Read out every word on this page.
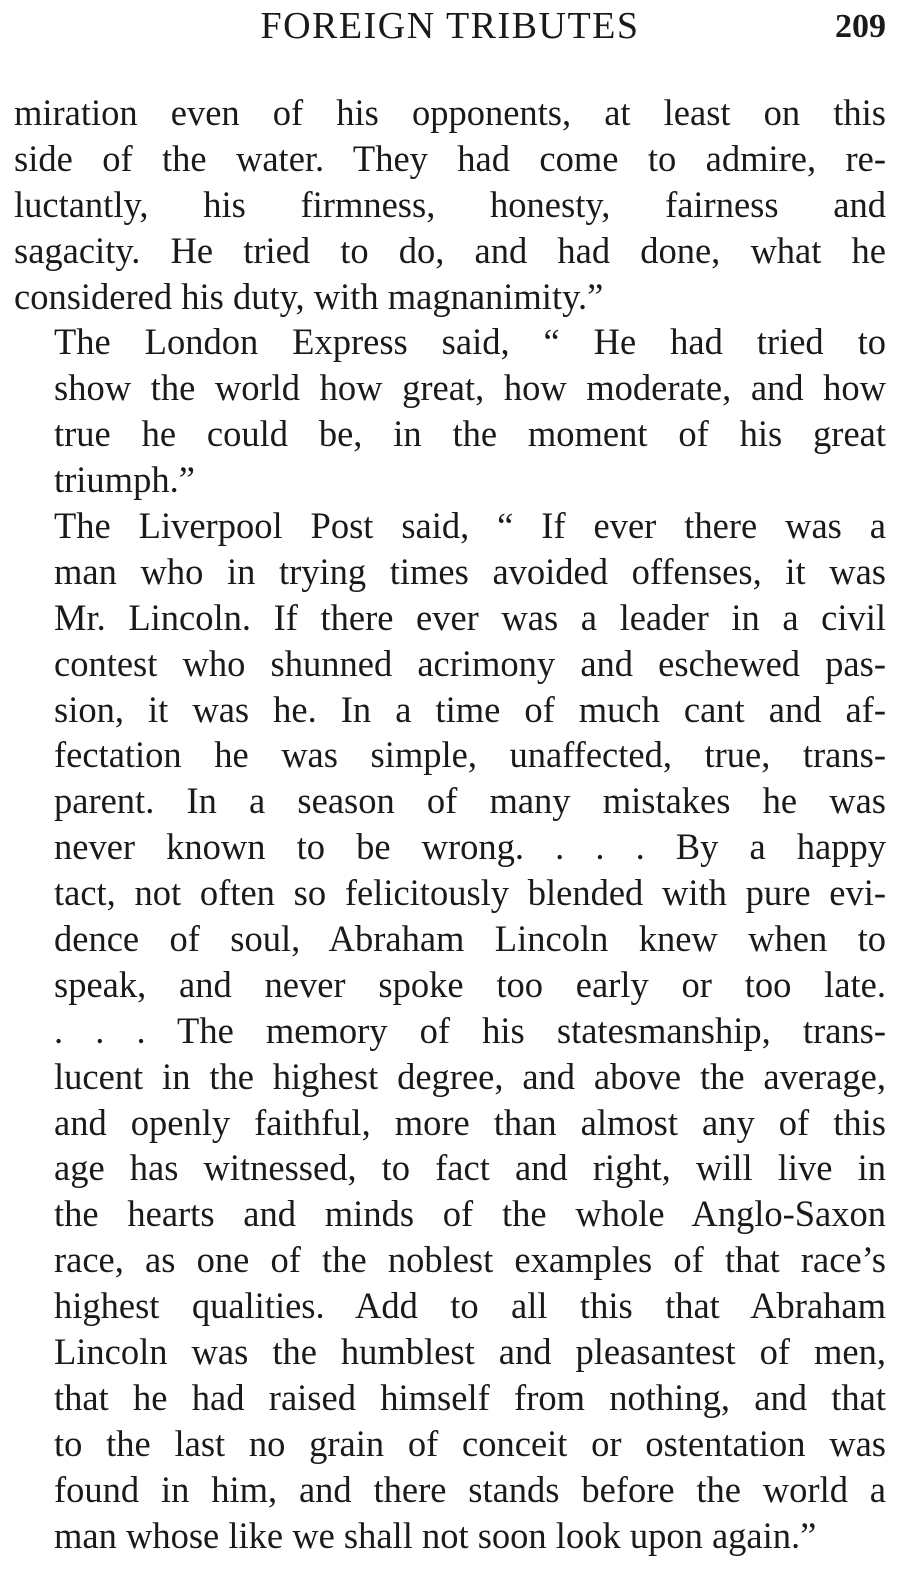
FOREIGN TRIBUTES	209
miration even of his opponents, at least on this
side of the water. They had come to admire, re-
luctantly, his firmness, honesty, fairness and
sagacity. He tried to do, and had done, what he
considered his duty, with magnanimity.”
The London Express said, “ He had tried to
show the world how great, how moderate, and how
true he could be, in the moment of his great
triumph.”
The Liverpool Post said, “ If ever there was a
man who in trying times avoided offenses, it was
Mr. Lincoln. If there ever was a leader in a civil
contest who shunned acrimony and eschewed pas-
sion, it was he. In a time of much cant and af-
fectation he was simple, unaffected, true, trans-
parent. In a season of many mistakes he was
never known to be wrong. . . . By a happy
tact, not often so felicitously blended with pure evi-
dence of soul, Abraham Lincoln knew when to
speak, and never spoke too early or too late.
. . . The memory of his statesmanship, trans-
lucent in the highest degree, and above the average,
and openly faithful, more than almost any of this
age has witnessed, to fact and right, will live in
the hearts and minds of the whole Anglo-Saxon
race, as one of the noblest examples of that race’s
highest qualities. Add to all this that Abraham
Lincoln was the humblest and pleasantest of men,
that he had raised himself from nothing, and that
to the last no grain of conceit or ostentation was
found in him, and there stands before the world a
man whose like we shall not soon look upon again.”
